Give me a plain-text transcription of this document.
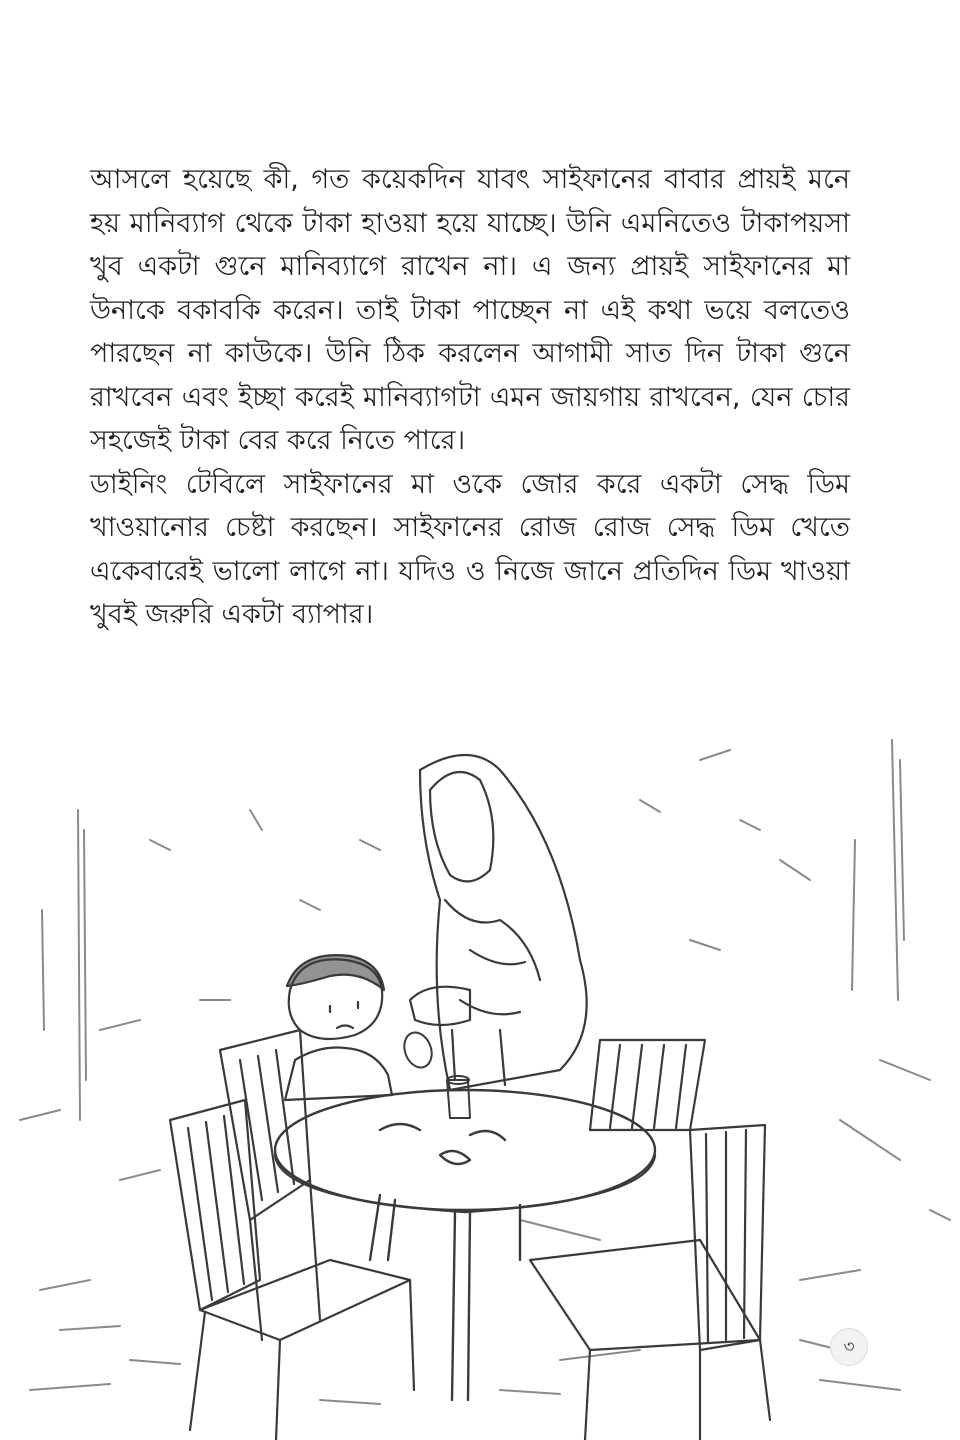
আসলে হয়েছে কী, গত কয়েকদিন যাবৎ সাইফানের বাবার প্রায়ই মনে হয় মানিব্যাগ থেকে টাকা হাওয়া হয়ে যাচ্ছে। উনি এমনিতেও টাকাপয়সা খুব একটা গুনে মানিব্যাগে রাখেন না। এ জন্য প্রায়ই সাইফানের মা উনাকে বকাবকি করেন। তাই টাকা পাচ্ছেন না এই কথা ভয়ে বলতেও পারছেন না কাউকে। উনি ঠিক করলেন আগামী সাত দিন টাকা গুনে রাখবেন এবং ইচ্ছা করেই মানিব্যাগটা এমন জায়গায় রাখবেন, যেন চোর সহজেই টাকা বের করে নিতে পারে।

ডাইনিং টেবিলে সাইফানের মা ওকে জোর করে একটা সেদ্ধ ডিম খাওয়ানোর চেষ্টা করছেন। সাইফানের রোজ রোজ সেদ্ধ ডিম খেতে একেবারেই ভালো লাগে না। যদিও ও নিজে জানে প্রতিদিন ডিম খাওয়া খুবই জরুরি একটা ব্যাপার।

৩
